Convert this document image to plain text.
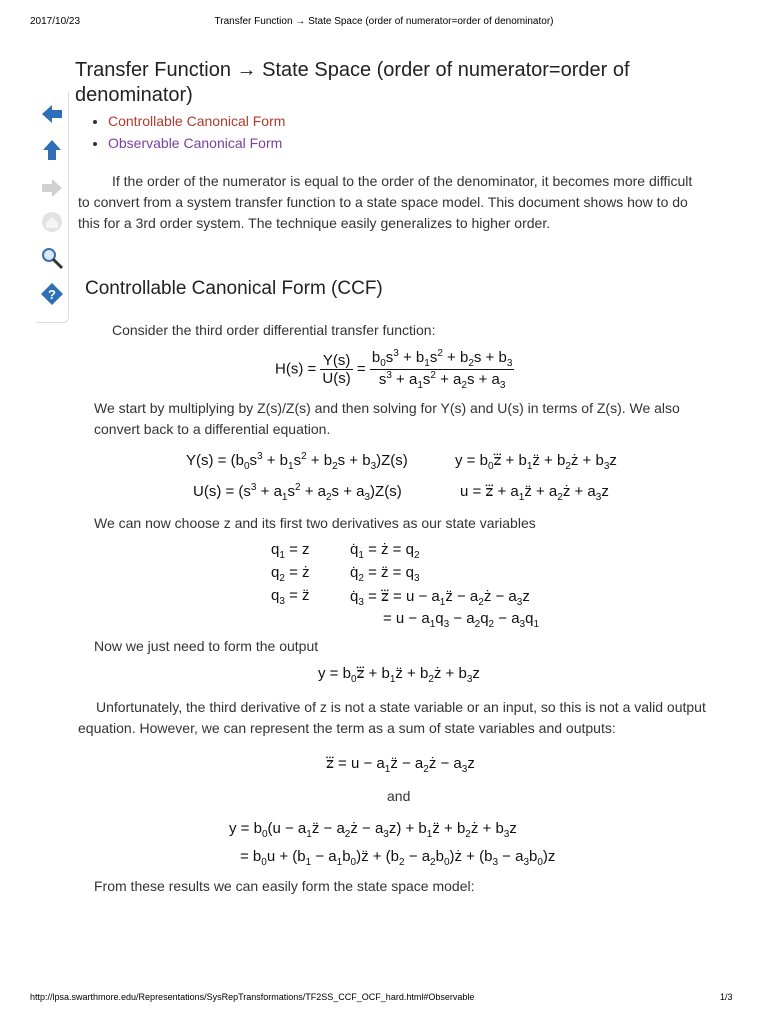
2017/10/23	Transfer Function → State Space (order of numerator=order of denominator)
?
Transfer Function → State Space (order of numerator=order of denominator)
• Controllable Canonical Form
• Observable Canonical Form

If the order of the numerator is equal to the order of the denominator, it becomes more difficult to convert from a system transfer function to a state space model. This document shows how to do this for a 3rd order system. The technique easily generalizes to higher order.

Controllable Canonical Form (CCF)

Consider the third order differential transfer function:

$H(s) = \frac{Y(s)}{U(s)} = \frac{b_0s^3 + b_1s^2 + b_2s + b_3}{s^3 + a_1s^2 + a_2s + a_3}$

We start by multiplying by Z(s)/Z(s) and then solving for Y(s) and U(s) in terms of Z(s). We also convert back to a differential equation.

$Y(s) = (b_0s^3 + b_1s^2 + b_2s + b_3)Z(s)$	$y = b_0z⃛$ + $b_1z̈$ + $b_2ż + b_3z$
$U(s) = (s^3 + a_1s^2 + a_2s + a_3)Z(s)$	u = z⃛ + $a_1z̈$ + $a_2ż + a_3z$

We can now choose z and its first two derivatives as our state variables

$q_1 = z$	$q̇_1$ = ż = $q_2$
$q_2$ = ż	$q̇_2$ = z̈ = $q_3$
$q_3$ = z̈	$q̇_3$ = z⃛ = $u - a_1z̈$ − $a_2ż - a_3z$
= $u - a_1q_3 - a_2q_2 - a_3q_1$

Now we just need to form the output

$y = b_0z⃛$ + $b_1z̈$ + $b_2ż + b_3z$

Unfortunately, the third derivative of z is not a state variable or an input, so this is not a valid output equation. However, we can represent the term as a sum of state variables and outputs:

z⃛ = $u - a_1z̈$ − $a_2ż - a_3z$
and
$y = b_0(u$ − $a_1z̈$ − $a_2ż - a_3z$) + $b_1z̈$ + $b_2ż + b_3z$
= $b_0u + (b_1$ − $a_1b_0)z̈ + (b_2$ − $a_2b_0)ż + (b_3 - a_3b_0)z$

From these results we can easily form the state space model:

http://lpsa.swarthmore.edu/Representations/SysRepTransformations/TF2SS_CCF_OCF_hard.html#Observable	1/3
